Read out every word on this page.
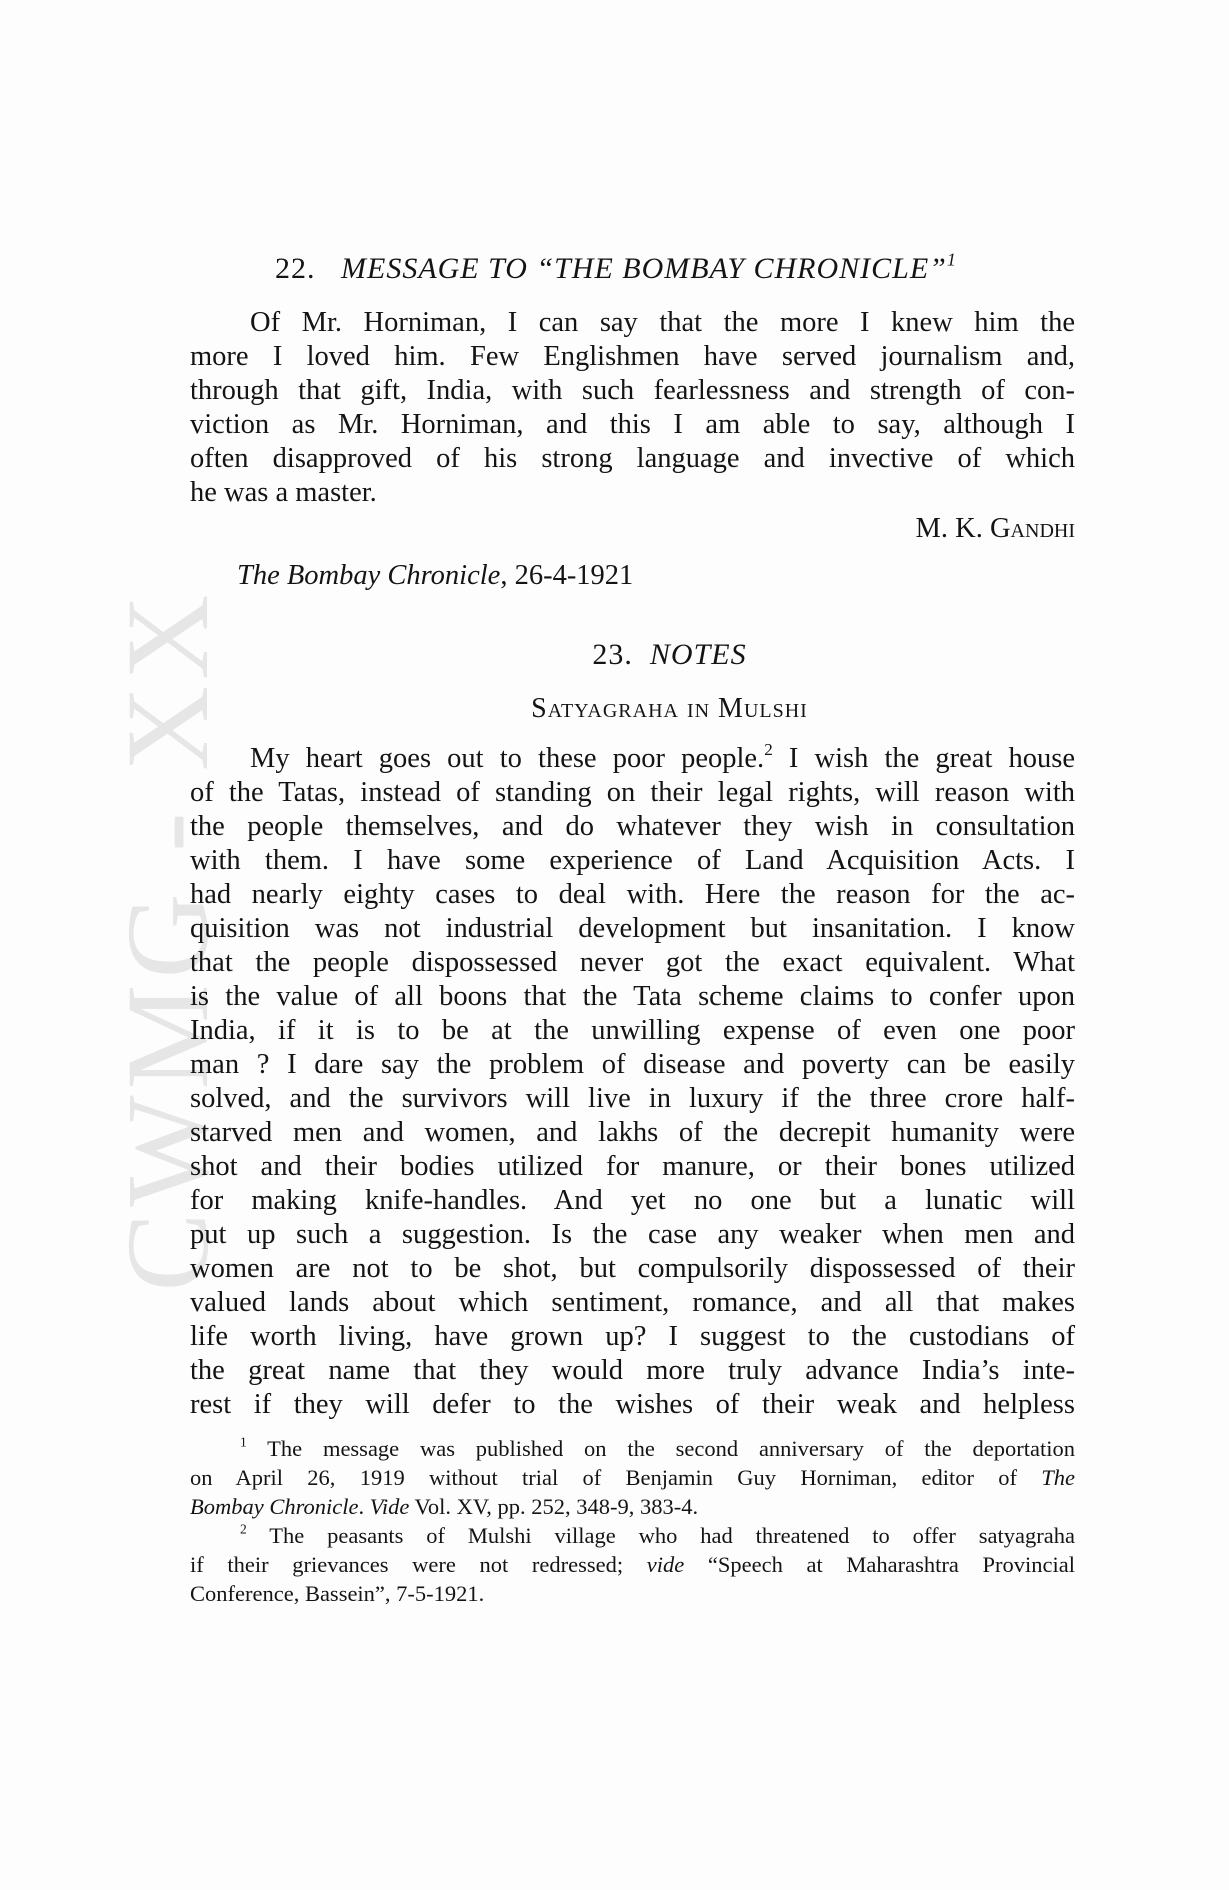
CWMG - XX
22. MESSAGE TO “THE BOMBAY CHRONICLE”$^1$
Of Mr. Horniman, I can say that the more I knew him the
more I loved him. Few Englishmen have served journalism and,
through that gift, India, with such fearlessness and strength of con-
viction as Mr. Horniman, and this I am able to say, although I
often disapproved of his strong language and invective of which
he was a master.
M. K. Gandhi
The Bombay Chronicle, 26-4-1921
23. NOTES
Satyagraha in Mulshi
My heart goes out to these poor people.$^2$ I wish the great house
of the Tatas, instead of standing on their legal rights, will reason with
the people themselves, and do whatever they wish in consultation
with them. I have some experience of Land Acquisition Acts. I
had nearly eighty cases to deal with. Here the reason for the ac-
quisition was not industrial development but insanitation. I know
that the people dispossessed never got the exact equivalent. What
is the value of all boons that the Tata scheme claims to confer upon
India, if it is to be at the unwilling expense of even one poor
man ? I dare say the problem of disease and poverty can be easily
solved, and the survivors will live in luxury if the three crore half-
starved men and women, and lakhs of the decrepit humanity were
shot and their bodies utilized for manure, or their bones utilized
for making knife-handles. And yet no one but a lunatic will
put up such a suggestion. Is the case any weaker when men and
women are not to be shot, but compulsorily dispossessed of their
valued lands about which sentiment, romance, and all that makes
life worth living, have grown up? I suggest to the custodians of
the great name that they would more truly advance India’s inte-
rest if they will defer to the wishes of their weak and helpless
$^1$ The message was published on the second anniversary of the deportation
on April 26, 1919 without trial of Benjamin Guy Horniman, editor of The
Bombay Chronicle. Vide Vol. XV, pp. 252, 348-9, 383-4.
$^2$ The peasants of Mulshi village who had threatened to offer satyagraha
if their grievances were not redressed; vide “Speech at Maharashtra Provincial
Conference, Bassein”, 7-5-1921.
